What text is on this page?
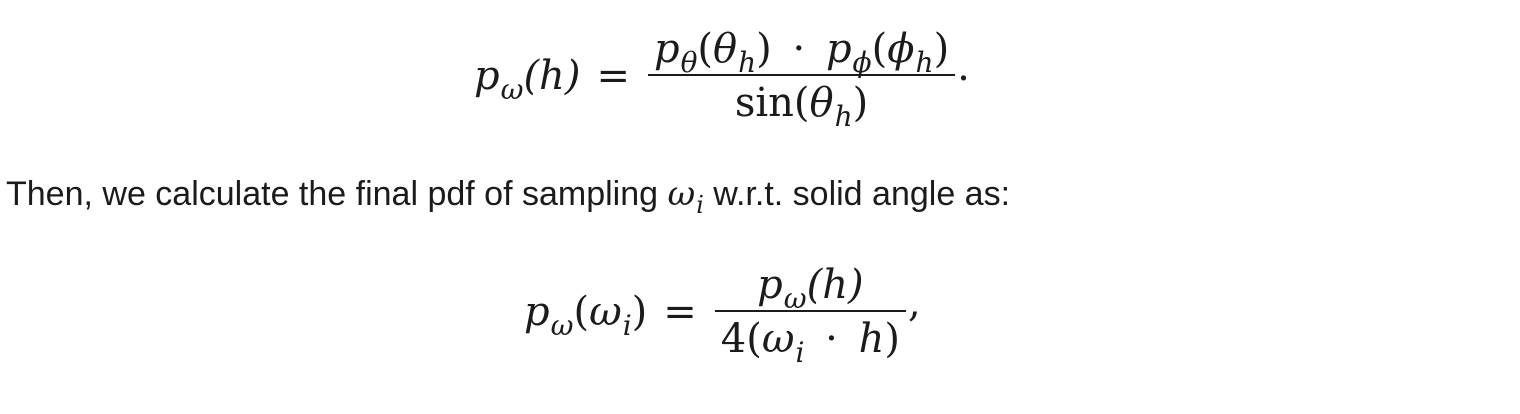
$p_\omega(h) = \frac{p_\theta(\theta_h) \cdot p_\phi(\phi_h)}{\sin(\theta_h)}$ .
Then, we calculate the final pdf of sampling $\omega_i$ w.r.t. solid angle as:
$p_\omega(\omega_i) = \frac{p_\omega(h)}{4(\omega_i \cdot h)}$ ,
